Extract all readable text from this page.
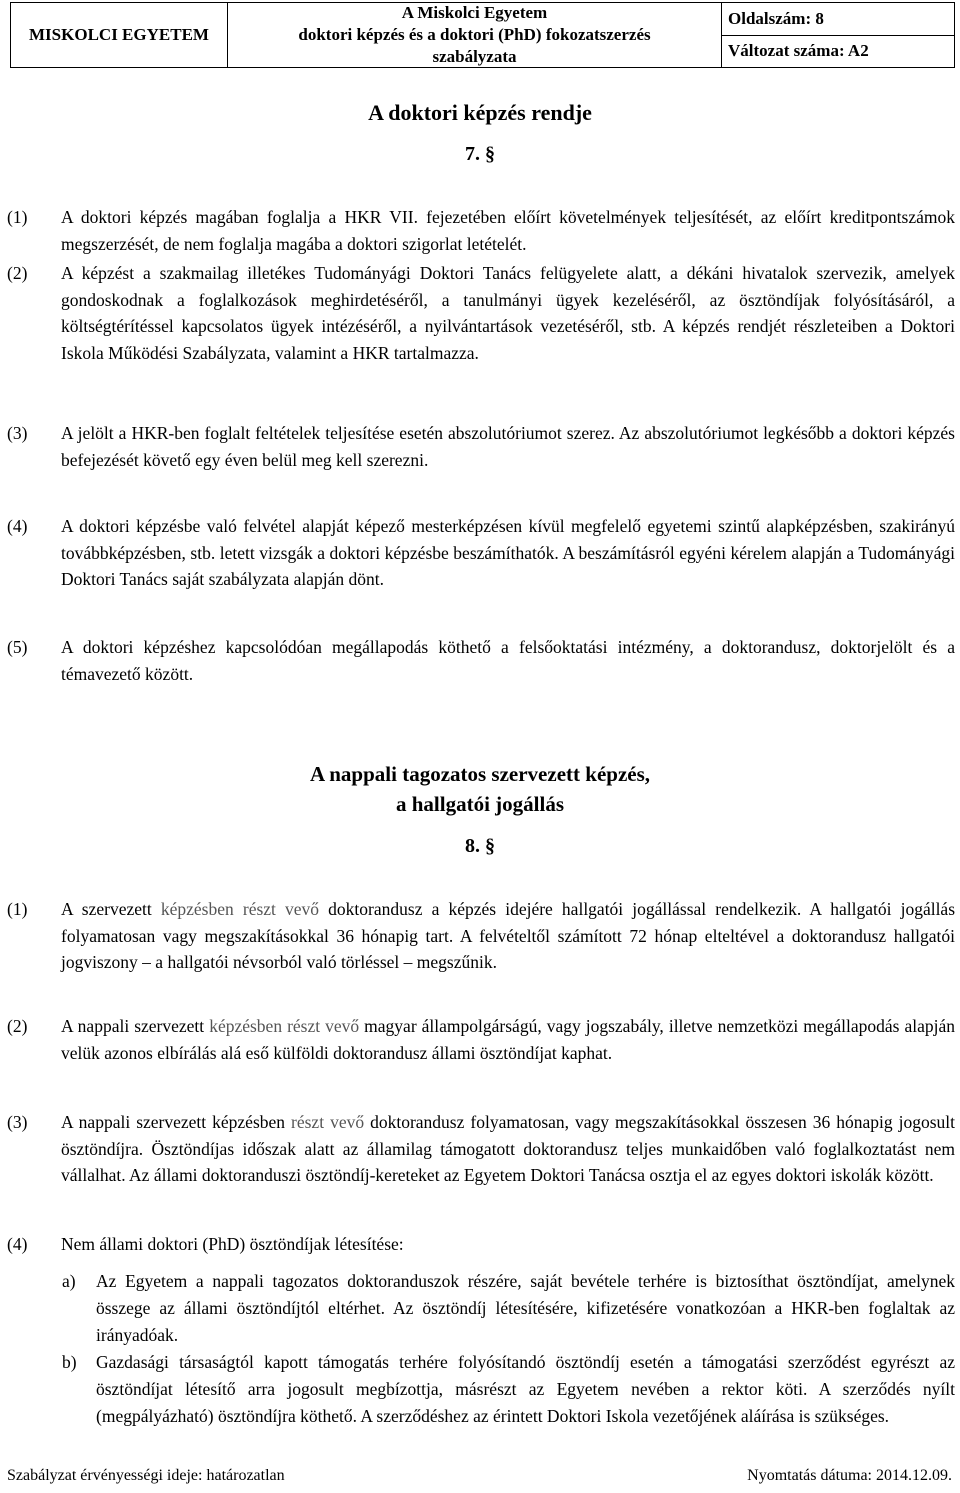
MISKOLCI EGYETEM
A Miskolci Egyetem
doktori képzés és a doktori (PhD) fokozatszerzés
szabályzata
Oldalszám: 8
Változat száma: A2
A doktori képzés rendje
7. §
(1)	A doktori képzés magában foglalja a HKR VII. fejezetében előírt követelmények teljesítését, az előírt kreditpontszámok megszerzését, de nem foglalja magába a doktori szigorlat letételét.
(2)	A képzést a szakmailag illetékes Tudományági Doktori Tanács felügyelete alatt, a dékáni hivatalok szervezik, amelyek gondoskodnak a foglalkozások meghirdetéséről, a tanulmányi ügyek kezeléséről, az ösztöndíjak folyósításáról, a költségtérítéssel kapcsolatos ügyek intézéséről, a nyilvántartások vezetéséről, stb. A képzés rendjét részleteiben a Doktori Iskola Működési Szabályzata, valamint a HKR tartalmazza.
(3)	A jelölt a HKR-ben foglalt feltételek teljesítése esetén abszolutóriumot szerez. Az abszolutóriumot legkésőbb a doktori képzés befejezését követő egy éven belül meg kell szerezni.
(4)	A doktori képzésbe való felvétel alapját képező mesterképzésen kívül megfelelő egyetemi szintű alapképzésben, szakirányú továbbképzésben, stb. letett vizsgák a doktori képzésbe beszámíthatók. A beszámításról egyéni kérelem alapján a Tudományági Doktori Tanács saját szabályzata alapján dönt.
(5)	A doktori képzéshez kapcsolódóan megállapodás köthető a felsőoktatási intézmény, a doktorandusz, doktorjelölt és a témavezető között.
A nappali tagozatos szervezett képzés,
a hallgatói jogállás
8. §
(1)	A szervezett képzésben részt vevő doktorandusz a képzés idejére hallgatói jogállással rendelkezik. A hallgatói jogállás folyamatosan vagy megszakításokkal 36 hónapig tart. A felvételtől számított 72 hónap elteltével a doktorandusz hallgatói jogviszony – a hallgatói névsorból való törléssel – megszűnik.
(2)	A nappali szervezett képzésben részt vevő magyar állampolgárságú, vagy jogszabály, illetve nemzetközi megállapodás alapján velük azonos elbírálás alá eső külföldi doktorandusz állami ösztöndíjat kaphat.
(3)	A nappali szervezett képzésben részt vevő doktorandusz folyamatosan, vagy megszakításokkal összesen 36 hónapig jogosult ösztöndíjra. Ösztöndíjas időszak alatt az államilag támogatott doktorandusz teljes munkaidőben való foglalkoztatást nem vállalhat. Az állami doktoranduszi ösztöndíj-kereteket az Egyetem Doktori Tanácsa osztja el az egyes doktori iskolák között.
(4)	Nem állami doktori (PhD) ösztöndíjak létesítése:
a)	Az Egyetem a nappali tagozatos doktoranduszok részére, saját bevétele terhére is biztosíthat ösztöndíjat, amelynek összege az állami ösztöndíjtól eltérhet. Az ösztöndíj létesítésére, kifizetésére vonatkozóan a HKR-ben foglaltak az irányadóak.
b)	Gazdasági társaságtól kapott támogatás terhére folyósítandó ösztöndíj esetén a támogatási szerződést egyrészt az ösztöndíjat létesítő arra jogosult megbízottja, másrészt az Egyetem nevében a rektor köti. A szerződés nyílt (megpályázható) ösztöndíjra köthető. A szerződéshez az érintett Doktori Iskola vezetőjének aláírása is szükséges.
Szabályzat érvényességi ideje: határozatlan	Nyomtatás dátuma: 2014.12.09.
